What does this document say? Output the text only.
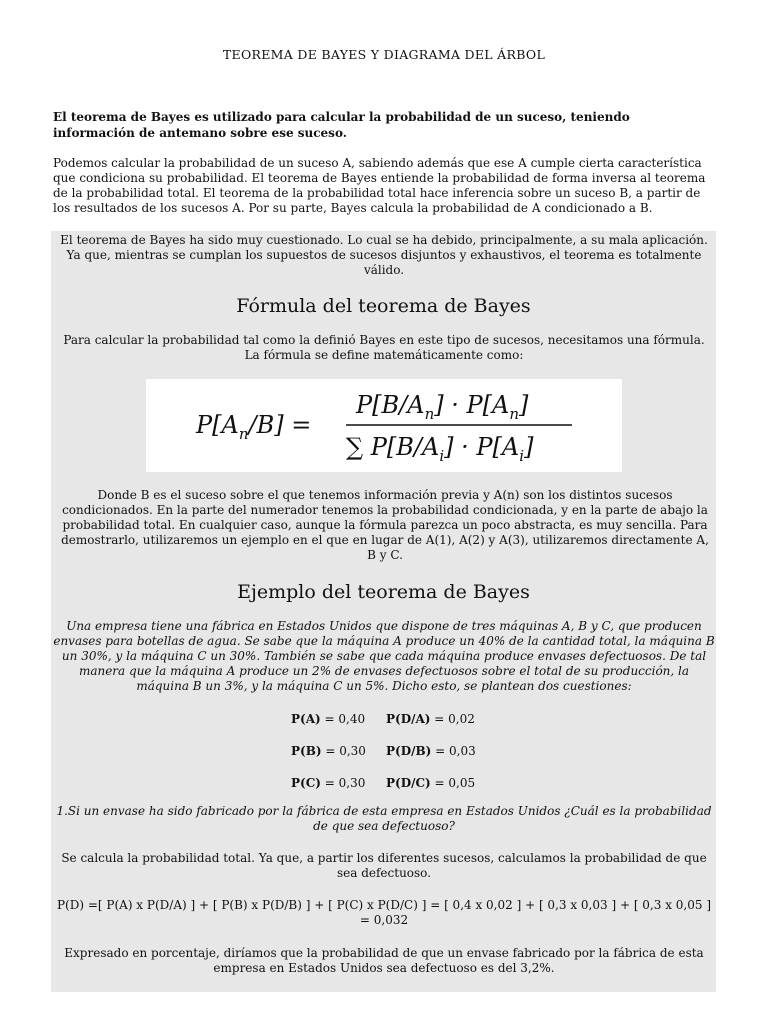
TEOREMA DE BAYES Y DIAGRAMA DEL ÁRBOL
El teorema de Bayes es utilizado para calcular la probabilidad de un suceso, teniendo información de antemano sobre ese suceso.
Podemos calcular la probabilidad de un suceso A, sabiendo además que ese A cumple cierta característica que condiciona su probabilidad. El teorema de Bayes entiende la probabilidad de forma inversa al teorema de la probabilidad total. El teorema de la probabilidad total hace inferencia sobre un suceso B, a partir de los resultados de los sucesos A. Por su parte, Bayes calcula la probabilidad de A condicionado a B.
El teorema de Bayes ha sido muy cuestionado. Lo cual se ha debido, principalmente, a su mala aplicación. Ya que, mientras se cumplan los supuestos de sucesos disjuntos y exhaustivos, el teorema es totalmente válido.
Fórmula del teorema de Bayes
Para calcular la probabilidad tal como la definió Bayes en este tipo de sucesos, necesitamos una fórmula. La fórmula se define matemáticamente como:
$P[A_n/B]$ =
$P[B/A_n] \cdot P[A_n]$
∑ $P[B/A_i] \cdot P[A_i]$
Donde B es el suceso sobre el que tenemos información previa y A(n) son los distintos sucesos condicionados. En la parte del numerador tenemos la probabilidad condicionada, y en la parte de abajo la probabilidad total. En cualquier caso, aunque la fórmula parezca un poco abstracta, es muy sencilla. Para demostrarlo, utilizaremos un ejemplo en el que en lugar de A(1), A(2) y A(3), utilizaremos directamente A, B y C.
Ejemplo del teorema de Bayes
Una empresa tiene una fábrica en Estados Unidos que dispone de tres máquinas A, B y C, que producen envases para botellas de agua. Se sabe que la máquina A produce un 40% de la cantidad total, la máquina B un 30%, y la máquina C un 30%. También se sabe que cada máquina produce envases defectuosos. De tal manera que la máquina A produce un 2% de envases defectuosos sobre el total de su producción, la máquina B un 3%, y la máquina C un 5%. Dicho esto, se plantean dos cuestiones:
P(A) = 0,40 P(D/A) = 0,02
P(B) = 0,30 P(D/B) = 0,03
P(C) = 0,30 P(D/C) = 0,05
1.Si un envase ha sido fabricado por la fábrica de esta empresa en Estados Unidos ¿Cuál es la probabilidad de que sea defectuoso?
Se calcula la probabilidad total. Ya que, a partir los diferentes sucesos, calculamos la probabilidad de que sea defectuoso.
P(D) =[ P(A) x P(D/A) ] + [ P(B) x P(D/B) ] + [ P(C) x P(D/C) ] = [ 0,4 x 0,02 ] + [ 0,3 x 0,03 ] + [ 0,3 x 0,05 ] = 0,032
Expresado en porcentaje, diríamos que la probabilidad de que un envase fabricado por la fábrica de esta empresa en Estados Unidos sea defectuoso es del 3,2%.
